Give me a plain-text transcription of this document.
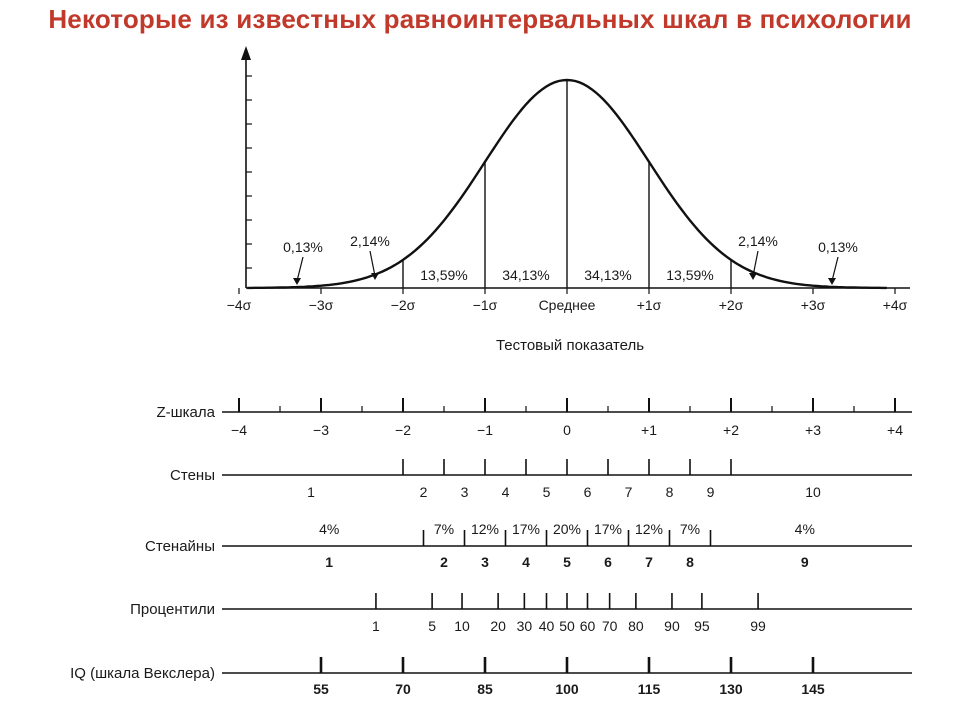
Некоторые из известных равноинтервальных шкал в психологии
−4σ	−3σ	−2σ	−1σ	Среднее	+1σ	+2σ	+3σ	+4σ
13,59% 34,13% 34,13% 13,59%
0,13% 2,14%	2,14%	0,13%
Тестовый показатель
Z-шкала
−4	−3	−2	−1	0	+1	+2	+3	+4
Стены
1	2 3 4 5 6 7 8 9	10
Стенайны
4%	7% 12% 17% 20% 17% 12% 7%	4%
1	2 3 4 5 6 7 8	9
Процентили
1	5 10 20 30 40 50 60 70 80 90 95	99
IQ (шкала Векслера)
55	70	85	100	115	130	145
